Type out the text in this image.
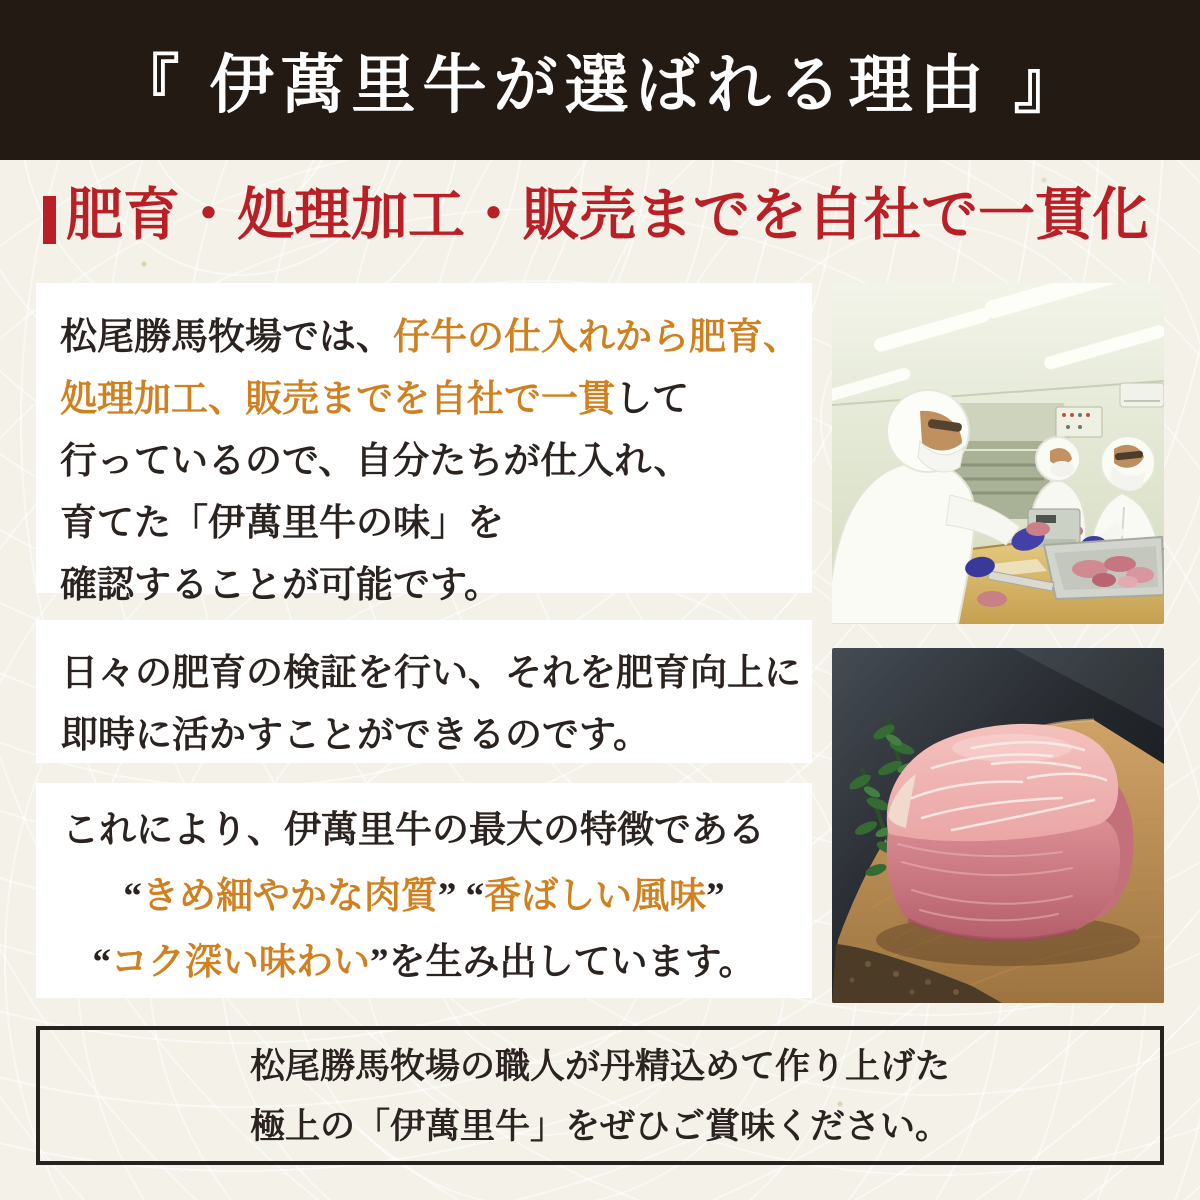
『 伊萬里牛が選ばれる理由 』
肥育・処理加工・販売までを自社で一貫化

松尾勝馬牧場では、仔牛の仕入れから肥育、

処理加工、販売までを自社で一貫して

行っているので、自分たちが仕入れ、

育てた「伊萬里牛の味」を

確認することが可能です。

日々の肥育の検証を行い、それを肥育向上に

即時に活かすことができるのです。

これにより、伊萬里牛の最大の特徴である

“きめ細やかな肉質” “香ばしい風味”

“コク深い味わい”を生み出しています。

松尾勝馬牧場の職人が丹精込めて作り上げた

極上の「伊萬里牛」をぜひご賞味ください。
